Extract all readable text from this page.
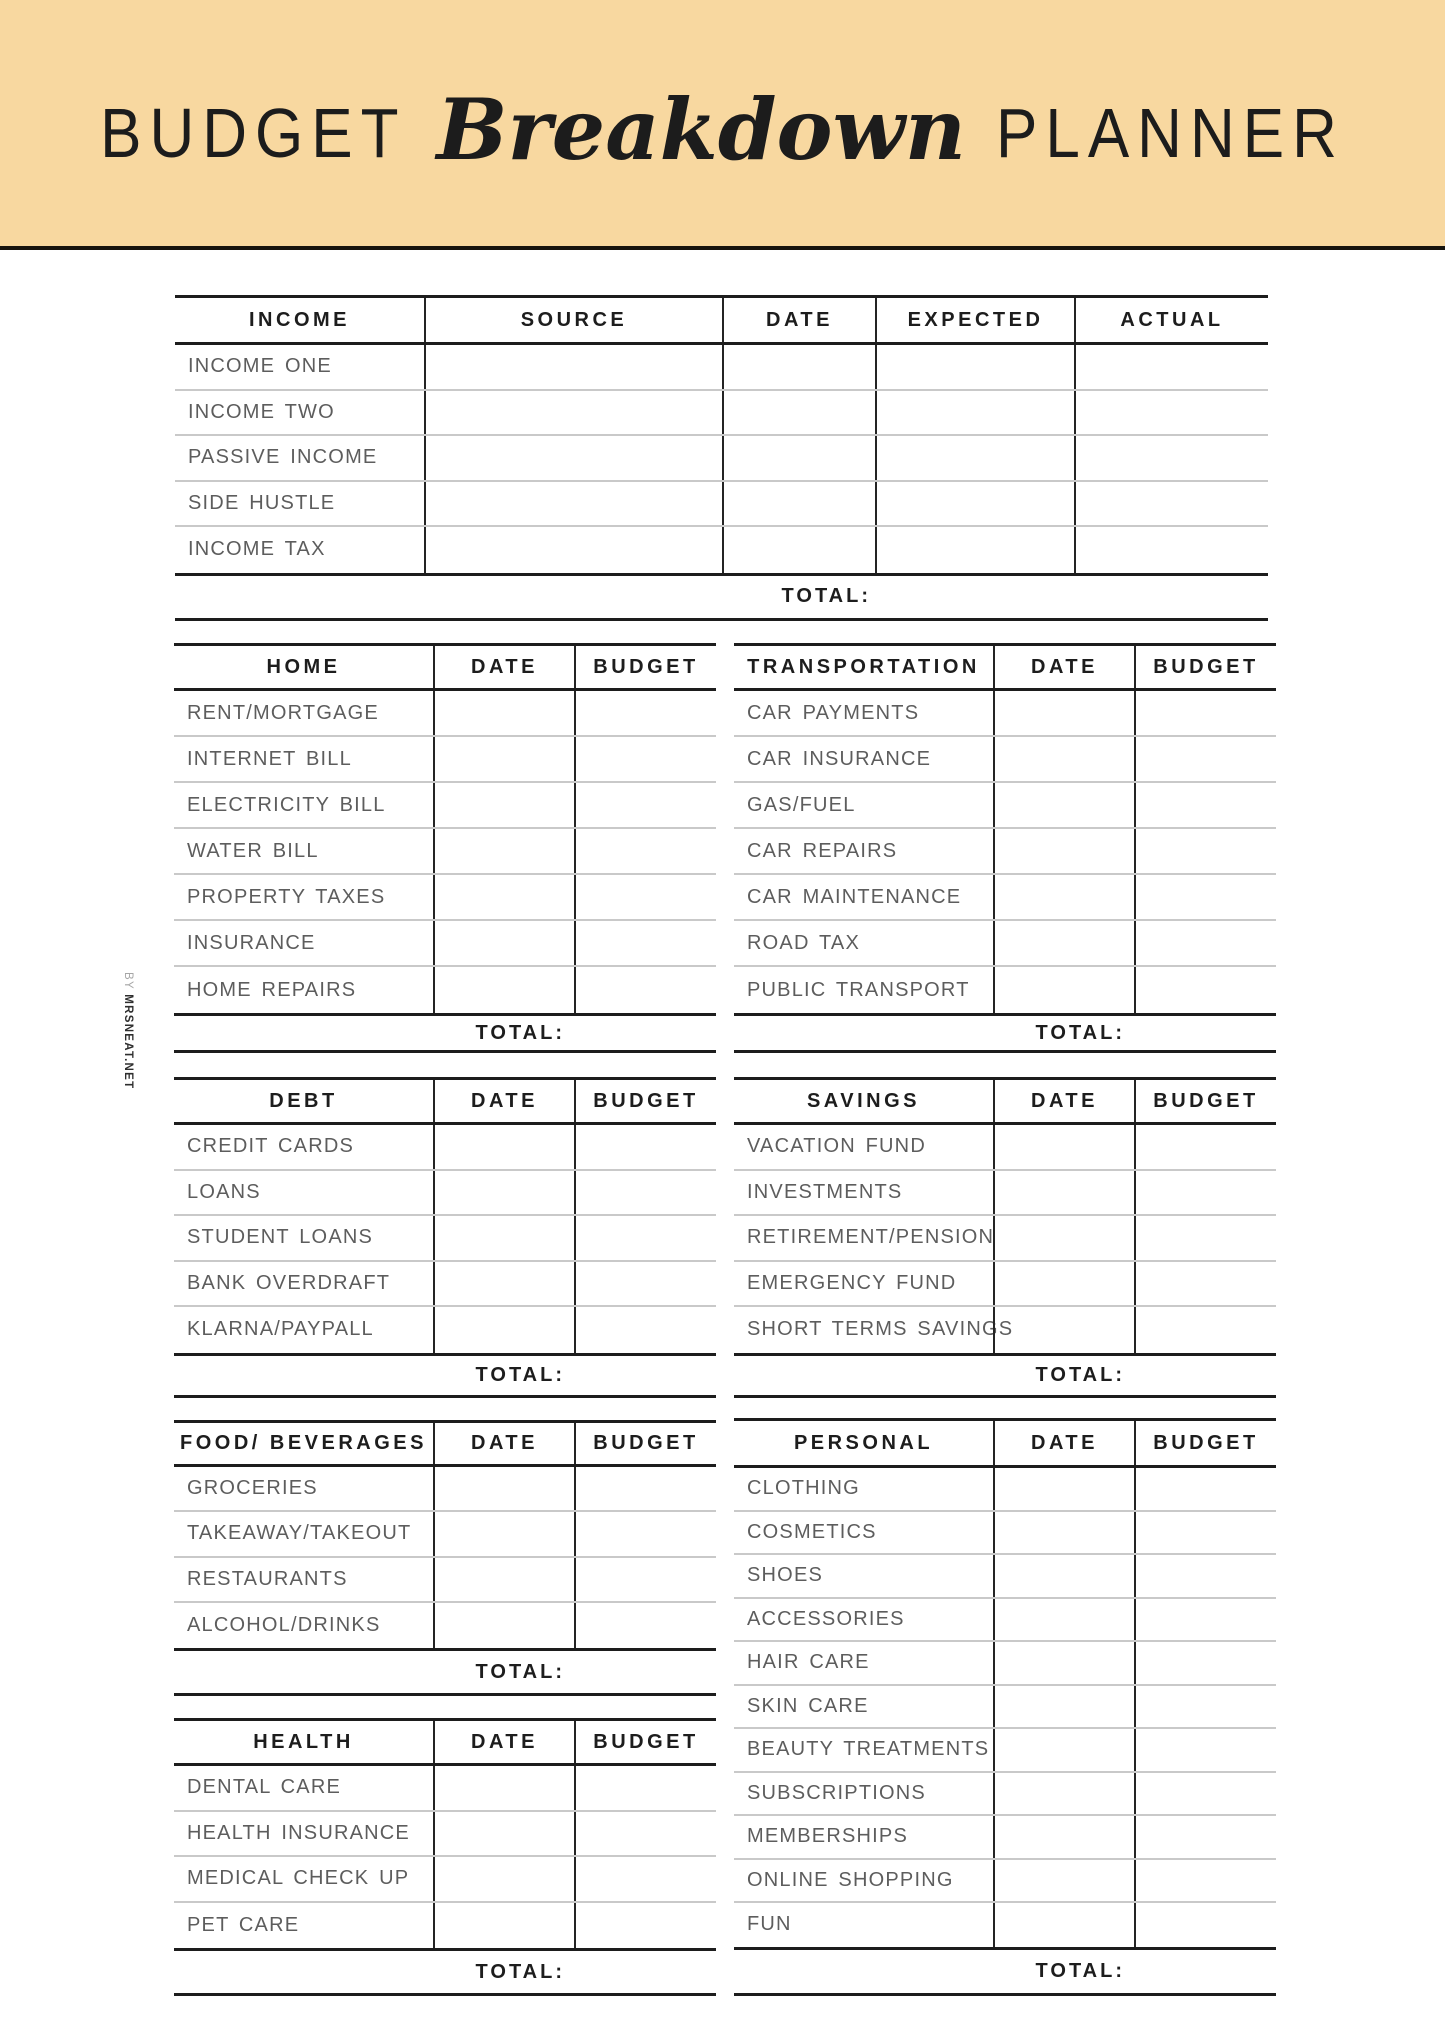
BUDGET Breakdown PLANNER
BY MRSNEAT.NET
INCOME	SOURCE	DATE	EXPECTED	ACTUAL
INCOME ONE
INCOME TWO
PASSIVE INCOME
SIDE HUSTLE
INCOME TAX
TOTAL:
HOME	DATE	BUDGET
RENT/MORTGAGE
INTERNET BILL
ELECTRICITY BILL
WATER BILL
PROPERTY TAXES
INSURANCE
HOME REPAIRS
TOTAL:
TRANSPORTATION	DATE	BUDGET
CAR PAYMENTS
CAR INSURANCE
GAS/FUEL
CAR REPAIRS
CAR MAINTENANCE
ROAD TAX
PUBLIC TRANSPORT
TOTAL:
DEBT	DATE	BUDGET
CREDIT CARDS
LOANS
STUDENT LOANS
BANK OVERDRAFT
KLARNA/PAYPALL
TOTAL:
SAVINGS	DATE	BUDGET
VACATION FUND
INVESTMENTS
RETIREMENT/PENSION
EMERGENCY FUND
SHORT TERMS SAVINGS
TOTAL:
FOOD/ BEVERAGES	DATE	BUDGET
GROCERIES
TAKEAWAY/TAKEOUT
RESTAURANTS
ALCOHOL/DRINKS
TOTAL:
PERSONAL	DATE	BUDGET
CLOTHING
COSMETICS
SHOES
ACCESSORIES
HAIR CARE
SKIN CARE
BEAUTY TREATMENTS
SUBSCRIPTIONS
MEMBERSHIPS
ONLINE SHOPPING
FUN
TOTAL:
HEALTH	DATE	BUDGET
DENTAL CARE
HEALTH INSURANCE
MEDICAL CHECK UP
PET CARE
TOTAL:
